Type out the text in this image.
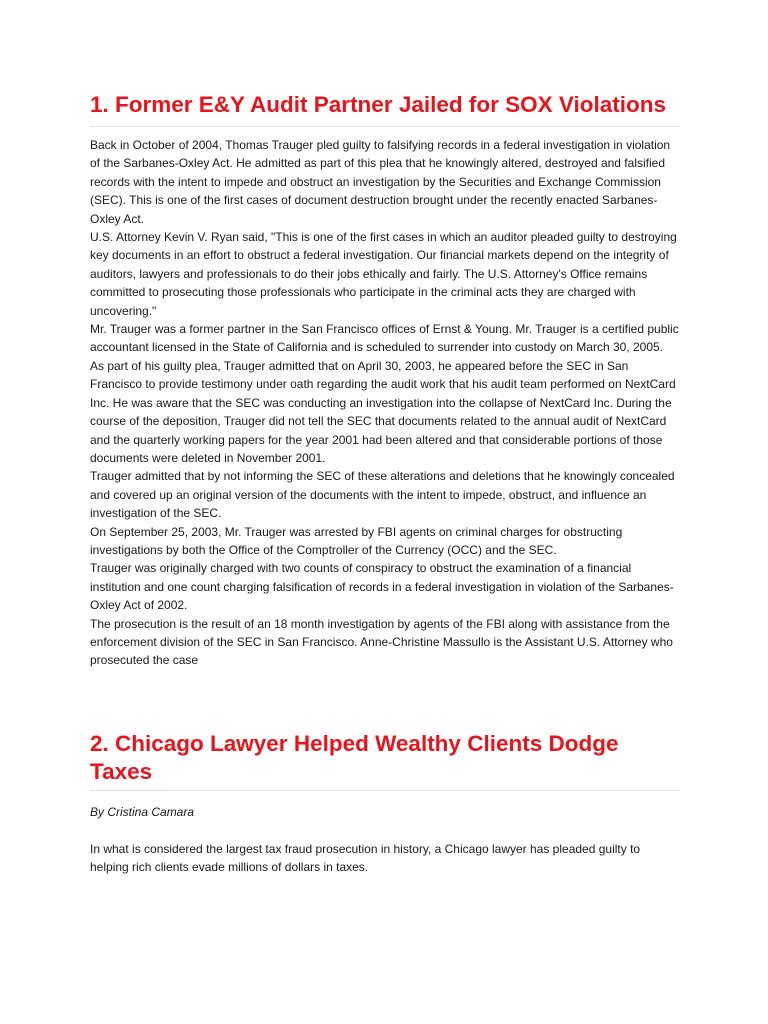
1. Former E&Y Audit Partner Jailed for SOX Violations

Back in October of 2004, Thomas Trauger pled guilty to falsifying records in a federal investigation in violation of the Sarbanes-Oxley Act. He admitted as part of this plea that he knowingly altered, destroyed and falsified records with the intent to impede and obstruct an investigation by the Securities and Exchange Commission (SEC). This is one of the first cases of document destruction brought under the recently enacted Sarbanes-Oxley Act.

U.S. Attorney Kevin V. Ryan said, "This is one of the first cases in which an auditor pleaded guilty to destroying key documents in an effort to obstruct a federal investigation. Our financial markets depend on the integrity of auditors, lawyers and professionals to do their jobs ethically and fairly. The U.S. Attorney's Office remains committed to prosecuting those professionals who participate in the criminal acts they are charged with uncovering."

Mr. Trauger was a former partner in the San Francisco offices of Ernst & Young. Mr. Trauger is a certified public accountant licensed in the State of California and is scheduled to surrender into custody on March 30, 2005.

As part of his guilty plea, Trauger admitted that on April 30, 2003, he appeared before the SEC in San Francisco to provide testimony under oath regarding the audit work that his audit team performed on NextCard Inc. He was aware that the SEC was conducting an investigation into the collapse of NextCard Inc. During the course of the deposition, Trauger did not tell the SEC that documents related to the annual audit of NextCard and the quarterly working papers for the year 2001 had been altered and that considerable portions of those documents were deleted in November 2001.

Trauger admitted that by not informing the SEC of these alterations and deletions that he knowingly concealed and covered up an original version of the documents with the intent to impede, obstruct, and influence an investigation of the SEC.

On September 25, 2003, Mr. Trauger was arrested by FBI agents on criminal charges for obstructing investigations by both the Office of the Comptroller of the Currency (OCC) and the SEC.

Trauger was originally charged with two counts of conspiracy to obstruct the examination of a financial institution and one count charging falsification of records in a federal investigation in violation of the Sarbanes-Oxley Act of 2002.

The prosecution is the result of an 18 month investigation by agents of the FBI along with assistance from the enforcement division of the SEC in San Francisco. Anne-Christine Massullo is the Assistant U.S. Attorney who prosecuted the case

2. Chicago Lawyer Helped Wealthy Clients Dodge Taxes

By Cristina Camara

In what is considered the largest tax fraud prosecution in history, a Chicago lawyer has pleaded guilty to helping rich clients evade millions of dollars in taxes.
